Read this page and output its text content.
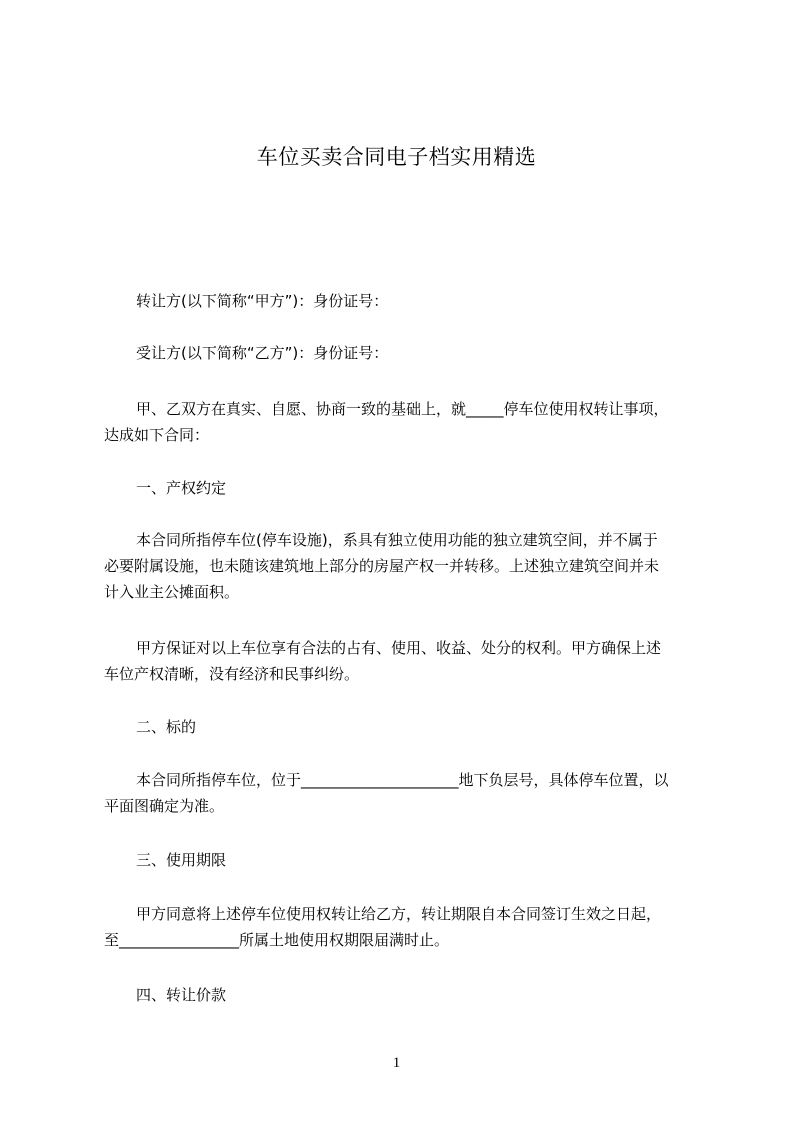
车位买卖合同电子档实用精选
转让方(以下简称“甲方”)：身份证号：
受让方(以下简称“乙方”)：身份证号：
甲、乙双方在真实、自愿、协商一致的基础上，就_____停车位使用权转让事项，
达成如下合同：
一、产权约定
本合同所指停车位(停车设施)，系具有独立使用功能的独立建筑空间，并不属于
必要附属设施，也未随该建筑地上部分的房屋产权一并转移。上述独立建筑空间并未
计入业主公摊面积。
甲方保证对以上车位享有合法的占有、使用、收益、处分的权利。甲方确保上述
车位产权清晰，没有经济和民事纠纷。
二、标的
本合同所指停车位，位于_____________________地下负层号，具体停车位置，以
平面图确定为准。
三、使用期限
甲方同意将上述停车位使用权转让给乙方，转让期限自本合同签订生效之日起，
至________________所属土地使用权期限届满时止。
四、转让价款
1
